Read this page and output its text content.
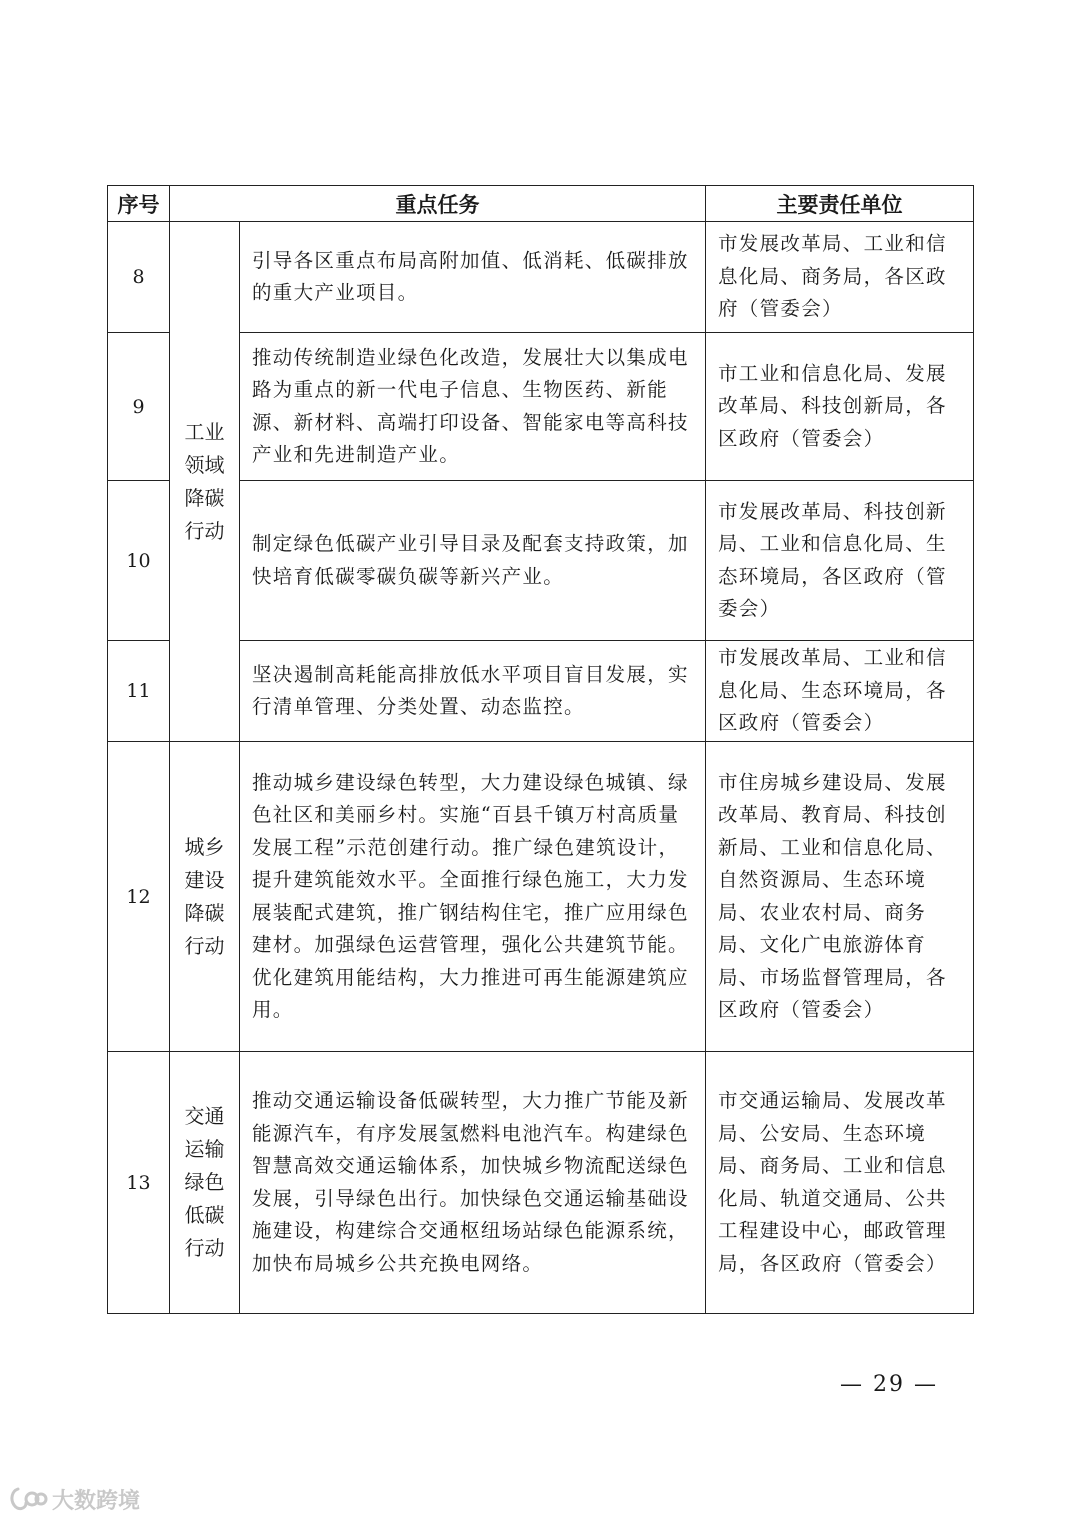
序号	重点任务		主要责任单位
8	工业领域降碳行动	引导各区重点布局高附加值、低消耗、低碳排放的重大产业项目。	市发展改革局、工业和信息化局、商务局，各区政府（管委会）
9		推动传统制造业绿色化改造，发展壮大以集成电路为重点的新一代电子信息、生物医药、新能源、新材料、高端打印设备、智能家电等高科技产业和先进制造产业。	市工业和信息化局、发展改革局、科技创新局，各区政府（管委会）
10		制定绿色低碳产业引导目录及配套支持政策，加快培育低碳零碳负碳等新兴产业。	市发展改革局、科技创新局、工业和信息化局、生态环境局，各区政府（管委会）
11		坚决遏制高耗能高排放低水平项目盲目发展，实行清单管理、分类处置、动态监控。	市发展改革局、工业和信息化局、生态环境局，各区政府（管委会）
12	城乡建设降碳行动	推动城乡建设绿色转型，大力建设绿色城镇、绿色社区和美丽乡村。实施“百县千镇万村高质量发展工程”示范创建行动。推广绿色建筑设计，提升建筑能效水平。全面推行绿色施工，大力发展装配式建筑，推广钢结构住宅，推广应用绿色建材。加强绿色运营管理，强化公共建筑节能。优化建筑用能结构，大力推进可再生能源建筑应用。	市住房城乡建设局、发展改革局、教育局、科技创新局、工业和信息化局、自然资源局、生态环境局、农业农村局、商务局、文化广电旅游体育局、市场监督管理局，各区政府（管委会）
13	交通运输绿色低碳行动	推动交通运输设备低碳转型，大力推广节能及新能源汽车，有序发展氢燃料电池汽车。构建绿色智慧高效交通运输体系，加快城乡物流配送绿色发展，引导绿色出行。加快绿色交通运输基础设施建设，构建综合交通枢纽场站绿色能源系统，加快布局城乡公共充换电网络。	市交通运输局、发展改革局、公安局、生态环境局、商务局、工业和信息化局、轨道交通局、公共工程建设中心，邮政管理局，各区政府（管委会）
— 29 —
大数跨境
